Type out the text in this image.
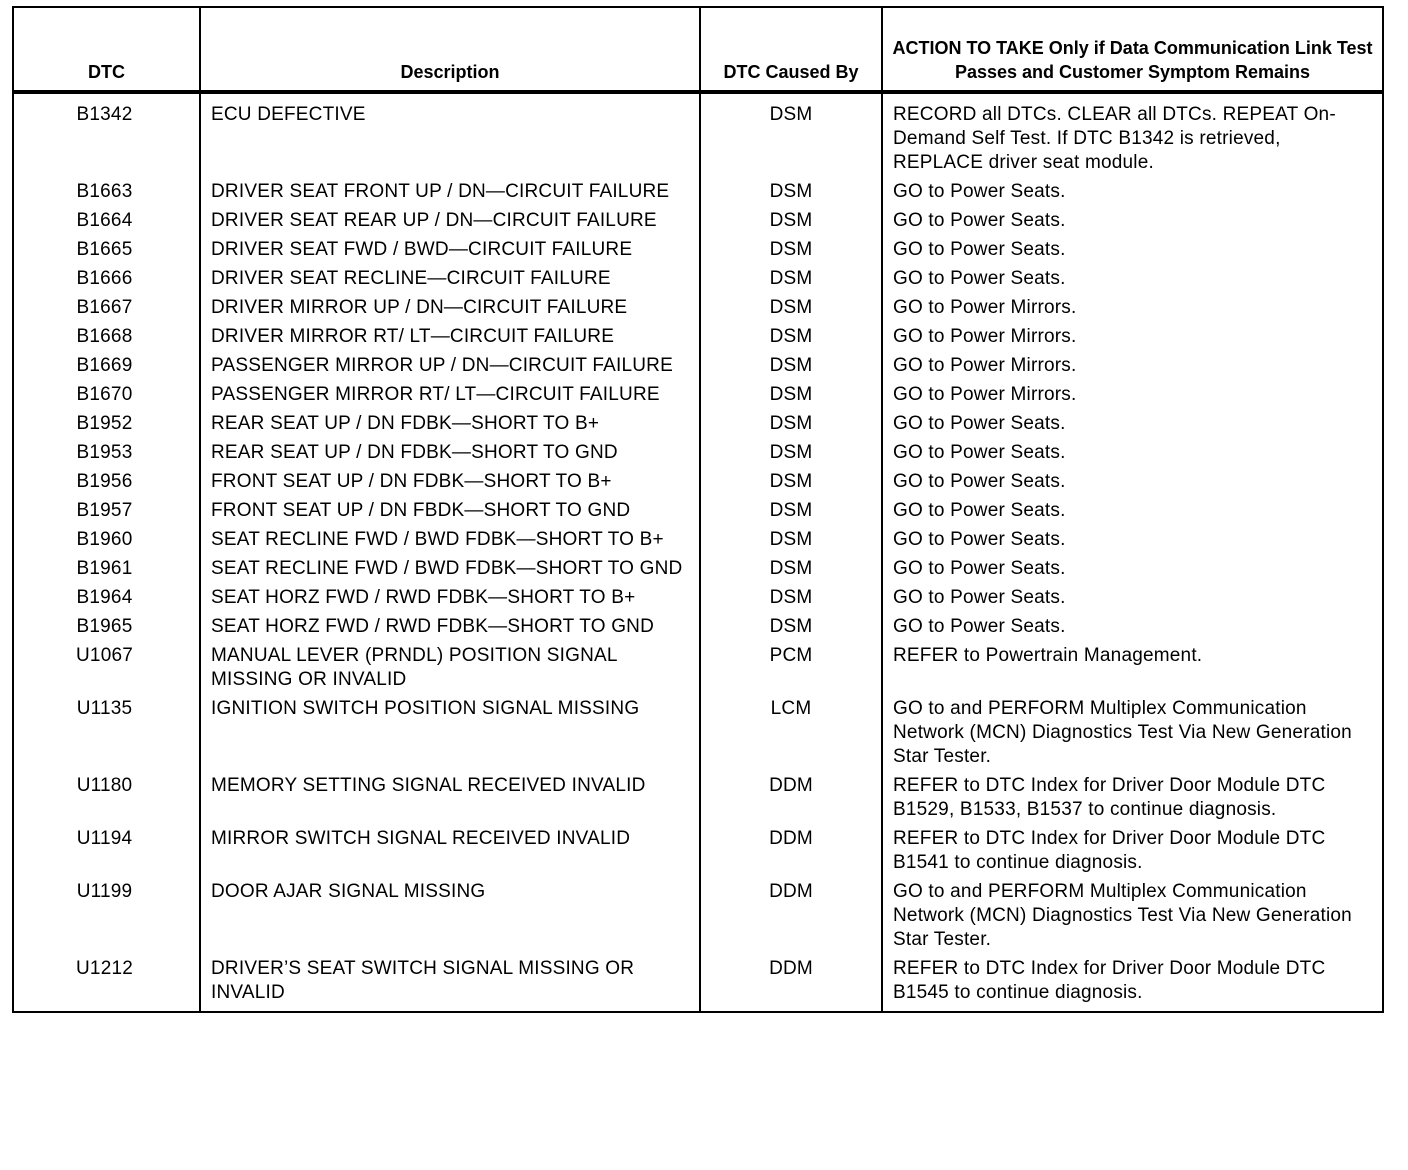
DTC	Description	DTC Caused By	ACTION TO TAKE Only if Data Communication Link Test Passes and Customer Symptom Remains
B1342	ECU DEFECTIVE	DSM	RECORD all DTCs. CLEAR all DTCs. REPEAT On-Demand Self Test. If DTC B1342 is retrieved, REPLACE driver seat module.
B1663	DRIVER SEAT FRONT UP / DN—CIRCUIT FAILURE	DSM	GO to Power Seats.
B1664	DRIVER SEAT REAR UP / DN—CIRCUIT FAILURE	DSM	GO to Power Seats.
B1665	DRIVER SEAT FWD / BWD—CIRCUIT FAILURE	DSM	GO to Power Seats.
B1666	DRIVER SEAT RECLINE—CIRCUIT FAILURE	DSM	GO to Power Seats.
B1667	DRIVER MIRROR UP / DN—CIRCUIT FAILURE	DSM	GO to Power Mirrors.
B1668	DRIVER MIRROR RT/ LT—CIRCUIT FAILURE	DSM	GO to Power Mirrors.
B1669	PASSENGER MIRROR UP / DN—CIRCUIT FAILURE	DSM	GO to Power Mirrors.
B1670	PASSENGER MIRROR RT/ LT—CIRCUIT FAILURE	DSM	GO to Power Mirrors.
B1952	REAR SEAT UP / DN FDBK—SHORT TO B+	DSM	GO to Power Seats.
B1953	REAR SEAT UP / DN FDBK—SHORT TO GND	DSM	GO to Power Seats.
B1956	FRONT SEAT UP / DN FDBK—SHORT TO B+	DSM	GO to Power Seats.
B1957	FRONT SEAT UP / DN FBDK—SHORT TO GND	DSM	GO to Power Seats.
B1960	SEAT RECLINE FWD / BWD FDBK—SHORT TO B+	DSM	GO to Power Seats.
B1961	SEAT RECLINE FWD / BWD FDBK—SHORT TO GND	DSM	GO to Power Seats.
B1964	SEAT HORZ FWD / RWD FDBK—SHORT TO B+	DSM	GO to Power Seats.
B1965	SEAT HORZ FWD / RWD FDBK—SHORT TO GND	DSM	GO to Power Seats.
U1067	MANUAL LEVER (PRNDL) POSITION SIGNAL MISSING OR INVALID	PCM	REFER to Powertrain Management.
U1135	IGNITION SWITCH POSITION SIGNAL MISSING	LCM	GO to and PERFORM Multiplex Communication Network (MCN) Diagnostics Test Via New Generation Star Tester.
U1180	MEMORY SETTING SIGNAL RECEIVED INVALID	DDM	REFER to DTC Index for Driver Door Module DTC B1529, B1533, B1537 to continue diagnosis.
U1194	MIRROR SWITCH SIGNAL RECEIVED INVALID	DDM	REFER to DTC Index for Driver Door Module DTC B1541 to continue diagnosis.
U1199	DOOR AJAR SIGNAL MISSING	DDM	GO to and PERFORM Multiplex Communication Network (MCN) Diagnostics Test Via New Generation Star Tester.
U1212	DRIVER’S SEAT SWITCH SIGNAL MISSING OR INVALID	DDM	REFER to DTC Index for Driver Door Module DTC B1545 to continue diagnosis.
